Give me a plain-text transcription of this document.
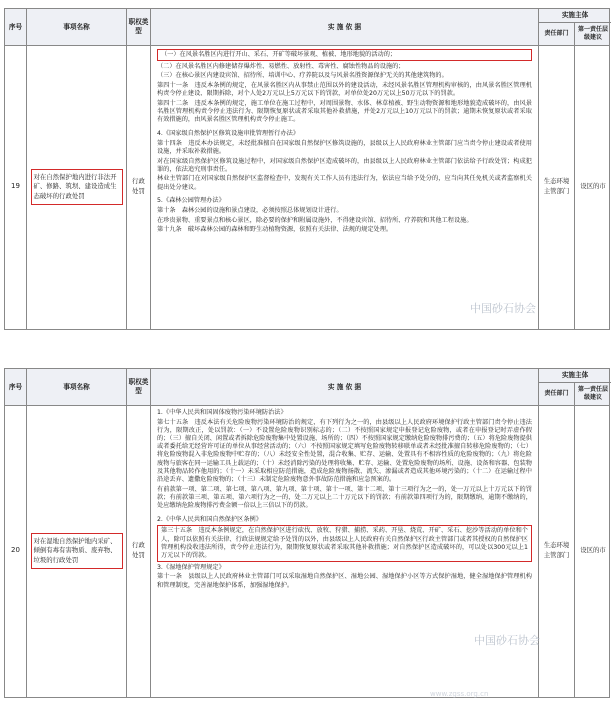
序号	事项名称
职权类型
实 施 依 据
实施主体
责任部门
第一责任层级建议
19
对在自然保护地内进行非法开矿、修路、筑坝、建设造成生态破坏的行政处罚
行政处罚

（一）在风景名胜区内进行开山、采石、开矿等破坏景观、植被、地形地貌的活动的；

（二）在风景名胜区内修建储存爆炸性、易燃性、放射性、毒害性、腐蚀性物品的设施的；

（三）在核心景区内建设宾馆、招待所、培训中心、疗养院以及与风景名胜资源保护无关的其他建筑物的。

第四十一条　违反本条例的规定，在风景名胜区内从事禁止范围以外的建设活动，未经风景名胜区管理机构审核的，由风景名胜区管理机构责令停止建设、限期拆除，对个人处2万元以上5万元以下的罚款，对单位处20万元以上50万元以下的罚款。

第四十二条　违反本条例的规定，施工单位在施工过程中，对周围景物、水体、林草植被、野生动物资源和地形地貌造成破坏的，由风景名胜区管理机构责令停止违法行为、限期恢复原状或者采取其他补救措施，并处2万元以上10万元以下的罚款；逾期未恢复原状或者采取有效措施的，由风景名胜区管理机构责令停止施工。

4.《国家级自然保护区修筑设施审批管理暂行办法》

第十四条　违反本办法规定，未经批准擅自在国家级自然保护区修筑设施的，县级以上人民政府林业主管部门应当责令停止建设或者使用设施，并采取补救措施。

对在国家级自然保护区修筑设施过程中，对国家级自然保护区造成破坏的，由县级以上人民政府林业主管部门依法给予行政处罚；构成犯罪的，依法追究刑事责任。

林业主管部门在对国家级自然保护区监督检查中，发现有关工作人员有违法行为，依法应当给予处分的，应当向其任免机关或者监察机关提出处分建议。

5.《森林公园管理办法》

第十条　森林公园的设施和景点建设，必须按照总体规划设计进行。

在珍贵景物、重要景点和核心景区，除必要的保护和附属设施外，不得建设宾馆、招待所、疗养院和其他工程设施。

第十九条　破坏森林公园的森林和野生动植物资源，依照有关法律、法规的规定处理。

生态环境主管部门
设区的市
中国砂石协会
序号	事项名称
职权类型
实 施 依 据
实施主体
责任部门
第一责任层级建议
20
对在湿地自然保护地内采矿、倾倒有毒有害物质、废弃物、垃圾的行政处罚
行政处罚

1.《中华人民共和国固体废物污染环境防治法》

第七十五条　违反本法有关危险废物污染环境防治的规定，有下列行为之一的，由县级以上人民政府环境保护行政主管部门责令停止违法行为，限期改正，处以罚款：（一）不设置危险废物识别标志的；（二）不按照国家规定申报登记危险废物，或者在申报登记时弄虚作假的；（三）擅自关闭、闲置或者拆除危险废物集中处置设施、场所的；（四）不按照国家规定缴纳危险废物排污费的；（五）将危险废物提供或者委托给无经营许可证的单位从事经营活动的；（六）不按照国家规定填写危险废物转移联单或者未经批准擅自转移危险废物的；（七）将危险废物混入非危险废物中贮存的；（八）未经安全性处置，混合收集、贮存、运输、处置具有不相容性质的危险废物的；（九）将危险废物与旅客在同一运输工具上载运的；（十）未经消除污染的处理将收集、贮存、运输、处置危险废物的场所、设施、设备和容器、包装物及其他物品转作他用的；（十一）未采取相应防范措施，造成危险废物扬散、流失、渗漏或者造成其他环境污染的；（十二）在运输过程中沿途丢弃、遗撒危险废物的；（十三）未制定危险废物意外事故防范措施和应急预案的。

有前款第一项、第二项、第七项、第八项、第九项、第十项、第十一项、第十二项、第十三项行为之一的，处一万元以上十万元以下的罚款；有前款第三项、第五项、第六项行为之一的，处二万元以上二十万元以下的罚款；有前款第四项行为的，限期缴纳，逾期不缴纳的，处应缴纳危险废物排污费金额一倍以上三倍以下的罚款。

2.《中华人民共和国自然保护区条例》

第三十五条　违反本条例规定，在自然保护区进行砍伐、放牧、狩猎、捕捞、采药、开垦、烧荒、开矿、采石、挖沙等活动的单位和个人，除可以依照有关法律、行政法规规定给予处罚的以外，由县级以上人民政府有关自然保护区行政主管部门或者其授权的自然保护区管理机构没收违法所得，责令停止违法行为，限期恢复原状或者采取其他补救措施；对自然保护区造成破坏的，可以处以300元以上1万元以下的罚款。

3.《湿地保护管理规定》

第十一条　县级以上人民政府林业主管部门可以采取湿地自然保护区、湿地公园、湿地保护小区等方式保护湿地，健全湿地保护管理机构和管理制度，完善湿地保护体系，加强湿地保护。

生态环境主管部门
设区的市
中国砂石协会
www.zgss.org.cn
